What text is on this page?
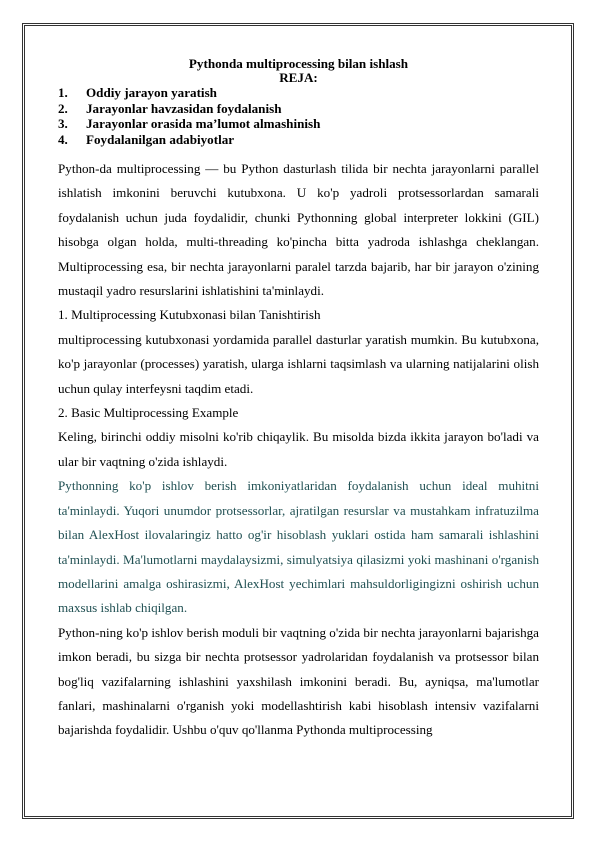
Pythonda multiprocessing bilan ishlash

REJA:

1.	Oddiy jarayon yaratish
2.	Jarayonlar havzasidan foydalanish
3.	Jarayonlar orasida maʼlumot almashinish
4.	Foydalanilgan adabiyotlar

Python-da multiprocessing — bu Python dasturlash tilida bir nechta jarayonlarni parallel ishlatish imkonini beruvchi kutubxona. U ko'p yadroli protsessorlardan samarali foydalanish uchun juda foydalidir, chunki Pythonning global interpreter lokkini (GIL) hisobga olgan holda, multi-threading ko'pincha bitta yadroda ishlashga cheklangan. Multiprocessing esa, bir nechta jarayonlarni paralel tarzda bajarib, har bir jarayon o'zining mustaqil yadro resurslarini ishlatishini ta'minlaydi.

1. Multiprocessing Kutubxonasi bilan Tanishtirish

multiprocessing kutubxonasi yordamida parallel dasturlar yaratish mumkin. Bu kutubxona, ko'p jarayonlar (processes) yaratish, ularga ishlarni taqsimlash va ularning natijalarini olish uchun qulay interfeysni taqdim etadi.

2. Basic Multiprocessing Example

Keling, birinchi oddiy misolni ko'rib chiqaylik. Bu misolda bizda ikkita jarayon bo'ladi va ular bir vaqtning o'zida ishlaydi.

Pythonning ko'p ishlov berish imkoniyatlaridan foydalanish uchun ideal muhitni ta'minlaydi. Yuqori unumdor protsessorlar, ajratilgan resurslar va mustahkam infratuzilma bilan AlexHost ilovalaringiz hatto og'ir hisoblash yuklari ostida ham samarali ishlashini ta'minlaydi. Ma'lumotlarni maydalaysizmi, simulyatsiya qilasizmi yoki mashinani o'rganish modellarini amalga oshirasizmi, AlexHost yechimlari mahsuldorligingizni oshirish uchun maxsus ishlab chiqilgan.

Python-ning ko'p ishlov berish moduli bir vaqtning o'zida bir nechta jarayonlarni bajarishga imkon beradi, bu sizga bir nechta protsessor yadrolaridan foydalanish va protsessor bilan bog'liq vazifalarning ishlashini yaxshilash imkonini beradi. Bu, ayniqsa, ma'lumotlar fanlari, mashinalarni o'rganish yoki modellashtirish kabi hisoblash intensiv vazifalarni bajarishda foydalidir. Ushbu o'quv qo'llanma Pythonda multiprocessing
